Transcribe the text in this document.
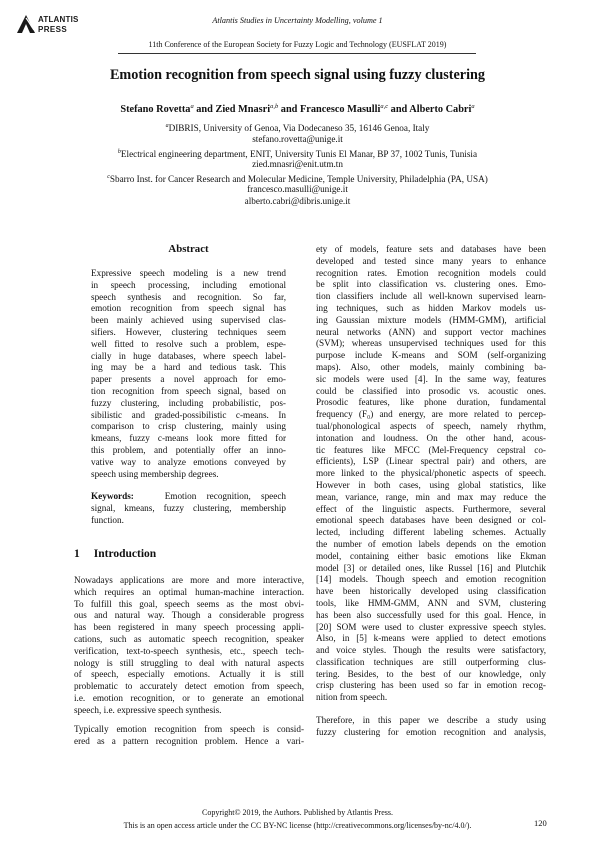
ATLANTIS
PRESS
Atlantis Studies in Uncertainty Modelling, volume 1
11th Conference of the European Society for Fuzzy Logic and Technology (EUSFLAT 2019)
Emotion recognition from speech signal using fuzzy clustering
Stefano Rovetta$^a$ and Zied Mnasri$^{a,b}$ and Francesco Masulli$^{a,c}$ and Alberto Cabri$^a$
$^a$DIBRIS, University of Genoa, Via Dodecaneso 35, 16146 Genoa, Italy
stefano.rovetta@unige.it
$^b$Electrical engineering department, ENIT, University Tunis El Manar, BP 37, 1002 Tunis, Tunisia
zied.mnasri@enit.utm.tn
$^c$Sbarro Inst. for Cancer Research and Molecular Medicine, Temple University, Philadelphia (PA, USA)
francesco.masulli@unige.it
alberto.cabri@dibris.unige.it
Abstract
Expressive speech modeling is a new trend
in speech processing, including emotional
speech synthesis and recognition. So far,
emotion recognition from speech signal has
been mainly achieved using supervised clas-
sifiers. However, clustering techniques seem
well fitted to resolve such a problem, espe-
cially in huge databases, where speech label-
ing may be a hard and tedious task. This
paper presents a novel approach for emo-
tion recognition from speech signal, based on
fuzzy clustering, including probabilistic, pos-
sibilistic and graded-possibilistic c-means. In
comparison to crisp clustering, mainly using
kmeans, fuzzy c-means look more fitted for
this problem, and potentially offer an inno-
vative way to analyze emotions conveyed by
speech using membership degrees.
Keywords:	Emotion recognition, speech
signal, kmeans, fuzzy clustering, membership
function.
1 Introduction
Nowadays applications are more and more interactive,
which requires an optimal human-machine interaction.
To fulfill this goal, speech seems as the most obvi-
ous and natural way. Though a considerable progress
has been registered in many speech processing appli-
cations, such as automatic speech recognition, speaker
verification, text-to-speech synthesis, etc., speech tech-
nology is still struggling to deal with natural aspects
of speech, especially emotions. Actually it is still
problematic to accurately detect emotion from speech,
i.e. emotion recognition, or to generate an emotional
speech, i.e. expressive speech synthesis.
Typically emotion recognition from speech is consid-
ered as a pattern recognition problem. Hence a vari-
ety of models, feature sets and databases have been
developed and tested since many years to enhance
recognition rates. Emotion recognition models could
be split into classification vs. clustering ones. Emo-
tion classifiers include all well-known supervised learn-
ing techniques, such as hidden Markov models us-
ing Gaussian mixture models (HMM-GMM), artificial
neural networks (ANN) and support vector machines
(SVM); whereas unsupervised techniques used for this
purpose include K-means and SOM (self-organizing
maps). Also, other models, mainly combining ba-
sic models were used [4]. In the same way, features
could be classified into prosodic vs. acoustic ones.
Prosodic features, like phone duration, fundamental
frequency (F₀) and energy, are more related to percep-
tual/phonological aspects of speech, namely rhythm,
intonation and loudness. On the other hand, acous-
tic features like MFCC (Mel-Frequency cepstral co-
efficients), LSP (Linear spectral pair) and others, are
more linked to the physical/phonetic aspects of speech.
However in both cases, using global statistics, like
mean, variance, range, min and max may reduce the
effect of the linguistic aspects. Furthermore, several
emotional speech databases have been designed or col-
lected, including different labeling schemes. Actually
the number of emotion labels depends on the emotion
model, containing either basic emotions like Ekman
model [3] or detailed ones, like Russel [16] and Plutchik
[14] models. Though speech and emotion recognition
have been historically developed using classification
tools, like HMM-GMM, ANN and SVM, clustering
has been also successfully used for this goal. Hence, in
[20] SOM were used to cluster expressive speech styles.
Also, in [5] k-means were applied to detect emotions
and voice styles. Though the results were satisfactory,
classification techniques are still outperforming clus-
tering. Besides, to the best of our knowledge, only
crisp clustering has been used so far in emotion recog-
nition from speech.
Therefore, in this paper we describe a study using
fuzzy clustering for emotion recognition and analysis,
Copyright© 2019, the Authors. Published by Atlantis Press.
This is an open access article under the CC BY-NC license (http://creativecommons.org/licenses/by-nc/4.0/).	120
